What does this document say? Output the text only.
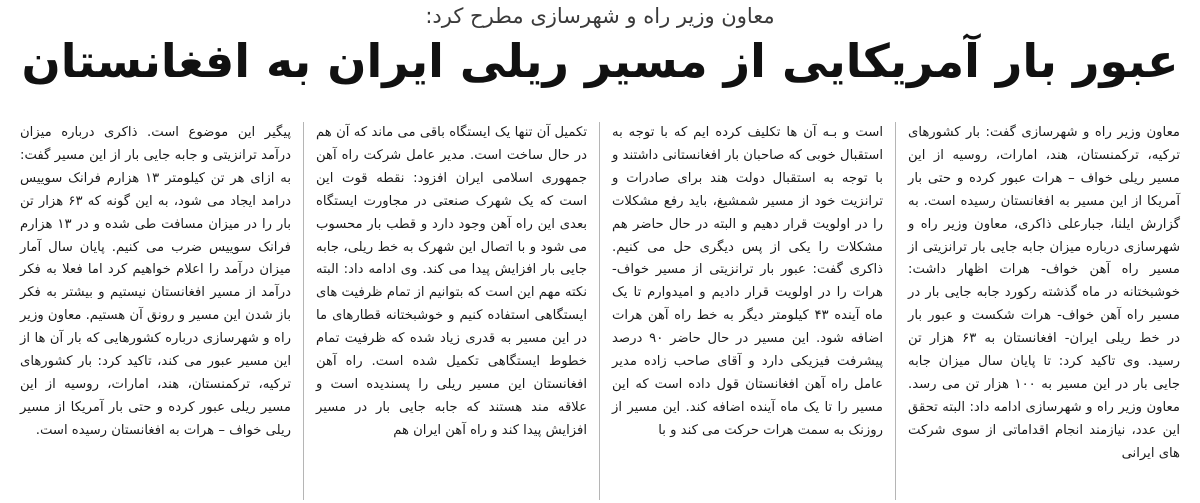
معاون وزیر راه و شهرسازی مطرح کرد:
عبور بار آمریکایی از مسیر ریلی ایران به افغانستان

معاون وزیر راه و شهرسازی گفت: بار کشورهای ترکیه، ترکمنستان، هند، امارات، روسیه از این مسیر ریلی خواف – هرات عبور کرده و حتی بار آمریکا از این مسیر به افغانستان رسیده است. به گزارش ایلنا، جبارعلی ذاکری، معاون وزیر راه و شهرسازی درباره میزان جابه جایی بار ترانزیتی از مسیر راه آهن خواف- هرات اظهار داشت: خوشبختانه در ماه گذشته رکورد جابه جایی بار در مسیر راه آهن خواف- هرات شکست و عبور بار در خط ریلی ایران- افغانستان به ۶۳ هزار تن رسید. وی تاکید کرد: تا پایان سال میزان جابه جایی بار در این مسیر به ۱۰۰ هزار تن می رسد. معاون وزیر راه و شهرسازی ادامه داد: البته تحقق این عدد، نیازمند انجام اقداماتی از سوی شرکت های ایرانی

است و بـه آن ها تکلیف کرده ایم که با توجه به استقبال خوبی که صاحبان بار افغانستانی داشتند و با توجه به استقبال دولت هند برای صادرات و ترانزیت خود از مسیر شمشیغ، باید رفع مشکلات را در اولویت قرار دهیم و البته در حال حاضر هم مشکلات را یکی از پس دیگری حل می کنیم. ذاکری گفت: عبور بار ترانزیتی از مسیر خواف- هرات را در اولویت قرار دادیم و امیدوارم تا یک ماه آینده ۴۳ کیلومتر دیگر به خط راه آهن هرات اضافه شود. این مسیر در حال حاضر ۹۰ درصد پیشرفت فیزیکی دارد و آقای صاحب زاده مدیر عامل راه آهن افغانستان قول داده است که این مسیر را تا یک ماه آینده اضافه کند. این مسیر از روزنک به سمت هرات حرکت می کند و با

تکمیل آن تنها یک ایستگاه باقی می ماند که آن هم در حال ساخت است. مدیر عامل شرکت راه آهن جمهوری اسلامی ایران افزود: نقطه قوت این است که یک شهرک صنعتی در مجاورت ایستگاه بعدی این راه آهن وجود دارد و قطب بار محسوب می شود و با اتصال این شهرک به خط ریلی، جابه جایی بار افزایش پیدا می کند. وی ادامه داد: البته نکته مهم این است که بتوانیم از تمام ظرفیت های ایستگاهی استفاده کنیم و خوشبختانه قطارهای ما در این مسیر به قدری زیاد شده که ظرفیت تمام خطوط ایستگاهی تکمیل شده است. راه آهن افغانستان این مسیر ریلی را پسندیده است و علاقه مند هستند که جابه جایی بار در مسیر افزایش پیدا کند و راه آهن ایران هم

پیگیر این موضوع است. ذاکری درباره میزان درآمد ترانزیتی و جابه جایی بار از این مسیر گفت: به ازای هر تن کیلومتر ۱۳ هزارم فرانک سوییس درامد ایجاد می شود، به این گونه که ۶۳ هزار تن بار را در میزان مسافت طی شده و در ۱۳ هزارم فرانک سوییس ضرب می کنیم. پایان سال آمار میزان درآمد را اعلام خواهیم کرد اما فعلا به فکر درآمد از مسیر افغانستان نیستیم و بیشتر به فکر باز شدن این مسیر و رونق آن هستیم. معاون وزیر راه و شهرسازی درباره کشورهایی که بار آن ها از این مسیر عبور می کند، تاکید کرد: بار کشورهای ترکیه، ترکمنستان، هند، امارات، روسیه از این مسیر ریلی عبور کرده و حتی بار آمریکا از مسیر ریلی خواف – هرات به افغانستان رسیده است.
